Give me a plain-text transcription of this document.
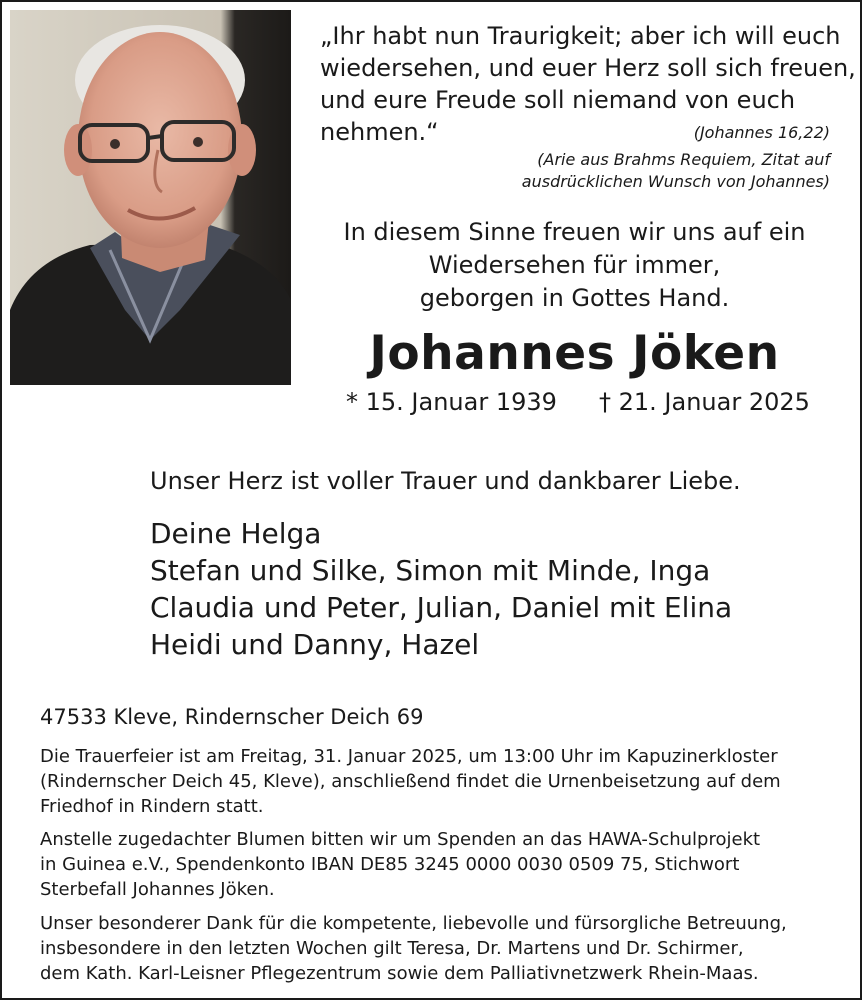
„Ihr habt nun Traurigkeit; aber ich will euch
wiedersehen, und euer Herz soll sich freuen,
und eure Freude soll niemand von euch
nehmen.“	(Johannes 16,22)
(Arie aus Brahms Requiem, Zitat auf
ausdrücklichen Wunsch von Johannes)
In diesem Sinne freuen wir uns auf ein
Wiedersehen für immer,
geborgen in Gottes Hand.
Johannes Jöken
* 15. Januar 1939 † 21. Januar 2025
Unser Herz ist voller Trauer und dankbarer Liebe.
Deine Helga
Stefan und Silke, Simon mit Minde, Inga
Claudia und Peter, Julian, Daniel mit Elina
Heidi und Danny, Hazel
47533 Kleve, Rindernscher Deich 69
Die Trauerfeier ist am Freitag, 31. Januar 2025, um 13:00 Uhr im Kapuzinerkloster
(Rindernscher Deich 45, Kleve), anschließend findet die Urnenbeisetzung auf dem
Friedhof in Rindern statt.
Anstelle zugedachter Blumen bitten wir um Spenden an das HAWA-Schulprojekt
in Guinea e.V., Spendenkonto IBAN DE85 3245 0000 0030 0509 75, Stichwort
Sterbefall Johannes Jöken.
Unser besonderer Dank für die kompetente, liebevolle und fürsorgliche Betreuung,
insbesondere in den letzten Wochen gilt Teresa, Dr. Martens und Dr. Schirmer,
dem Kath. Karl-Leisner Pflegezentrum sowie dem Palliativnetzwerk Rhein-Maas.
